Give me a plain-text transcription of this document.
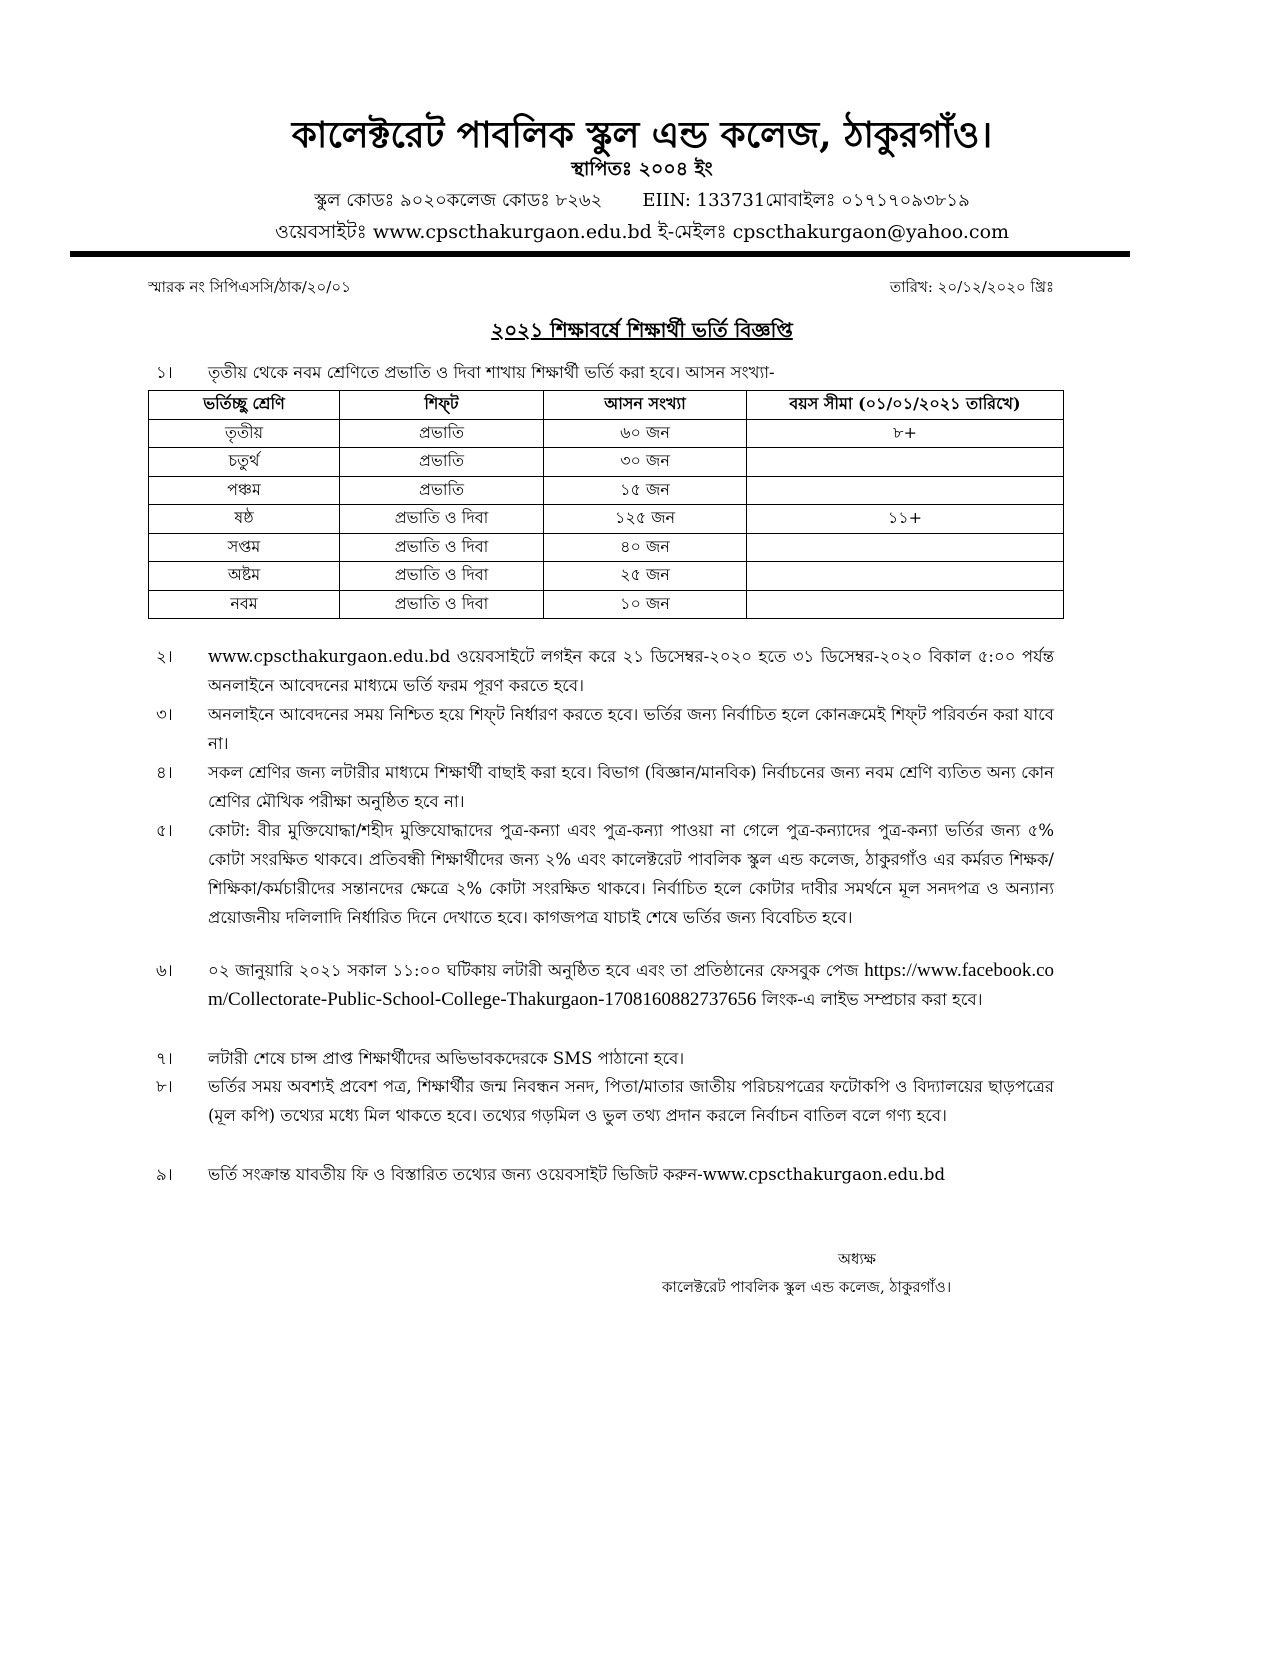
কালেক্টরেট পাবলিক স্কুল এন্ড কলেজ, ঠাকুরগাঁও।
স্থাপিতঃ ২০০৪ ইং
স্কুল কোডঃ ৯০২০কলেজ কোডঃ ৮২৬২       EIIN: 133731মোবাইলঃ ০১৭১৭০৯৩৮১৯
ওয়েবসাইটঃ www.cpscthakurgaon.edu.bd ই-মেইলঃ cpscthakurgaon@yahoo.com
স্মারক নং সিপিএসসি/ঠাক/২০/০১	তারিখ: ২০/১২/২০২০ খ্রিঃ
২০২১ শিক্ষাবর্ষে শিক্ষার্থী ভর্তি বিজ্ঞপ্তি
১। তৃতীয় থেকে নবম শ্রেণিতে প্রভাতি ও দিবা শাখায় শিক্ষার্থী ভর্তি করা হবে। আসন সংখ্যা-
ভর্তিচ্ছু শ্রেণি	শিফ্‌ট	আসন সংখ্যা	বয়স সীমা (০১/০১/২০২১ তারিখে)
তৃতীয়	প্রভাতি	৬০ জন	৮+
চতুর্থ	প্রভাতি	৩০ জন	
পঞ্চম	প্রভাতি	১৫ জন	
ষষ্ঠ	প্রভাতি ও দিবা	১২৫ জন	১১+
সপ্তম	প্রভাতি ও দিবা	৪০ জন	
অষ্টম	প্রভাতি ও দিবা	২৫ জন	
নবম	প্রভাতি ও দিবা	১০ জন	
২। www.cpscthakurgaon.edu.bd ওয়েবসাইটে লগইন করে ২১ ডিসেম্বর-২০২০ হতে ৩১ ডিসেম্বর-২০২০ বিকাল ৫:০০ পর্যন্ত অনলাইনে আবেদনের মাধ্যমে ভর্তি ফরম পূরণ করতে হবে।
৩। অনলাইনে আবেদনের সময় নিশ্চিত হয়ে শিফ্‌ট নির্ধারণ করতে হবে। ভর্তির জন্য নির্বাচিত হলে কোনক্রমেই শিফ্‌ট পরিবর্তন করা যাবে না।
৪। সকল শ্রেণির জন্য লটারীর মাধ্যমে শিক্ষার্থী বাছাই করা হবে। বিভাগ (বিজ্ঞান/মানবিক) নির্বাচনের জন্য নবম শ্রেণি ব্যতিত অন্য কোন শ্রেণির মৌখিক পরীক্ষা অনুষ্ঠিত হবে না।
৫। কোটা: বীর মুক্তিযোদ্ধা/শহীদ মুক্তিযোদ্ধাদের পুত্র-কন্যা এবং পুত্র-কন্যা পাওয়া না গেলে পুত্র-কন্যাদের পুত্র-কন্যা ভর্তির জন্য ৫% কোটা সংরক্ষিত থাকবে। প্রতিবন্ধী শিক্ষার্থীদের জন্য ২% এবং কালেক্টরেট পাবলিক স্কুল এন্ড কলেজ, ঠাকুরগাঁও এর কর্মরত শিক্ষক/শিক্ষিকা/কর্মচারীদের সন্তানদের ক্ষেত্রে ২% কোটা সংরক্ষিত থাকবে। নির্বাচিত হলে কোটার দাবীর সমর্থনে মূল সনদপত্র ও অন্যান্য প্রয়োজনীয় দলিলাদি নির্ধারিত দিনে দেখাতে হবে। কাগজপত্র যাচাই শেষে ভর্তির জন্য বিবেচিত হবে।
৬। ০২ জানুয়ারি ২০২১ সকাল ১১:০০ ঘটিকায় লটারী অনুষ্ঠিত হবে এবং তা প্রতিষ্ঠানের ফেসবুক পেজ https://www.facebook.com/Collectorate-Public-School-College-Thakurgaon-1708160882737656 লিংক-এ লাইভ সম্প্রচার করা হবে।
৭। লটারী শেষে চান্স প্রাপ্ত শিক্ষার্থীদের অভিভাবকদেরকে SMS পাঠানো হবে।
৮। ভর্তির সময় অবশ্যই প্রবেশ পত্র, শিক্ষার্থীর জন্ম নিবন্ধন সনদ, পিতা/মাতার জাতীয় পরিচয়পত্রের ফটোকপি ও বিদ্যালয়ের ছাড়পত্রের (মূল কপি) তথ্যের মধ্যে মিল থাকতে হবে। তথ্যের গড়মিল ও ভুল তথ্য প্রদান করলে নির্বাচন বাতিল বলে গণ্য হবে।
৯। ভর্তি সংক্রান্ত যাবতীয় ফি ও বিস্তারিত তথ্যের জন্য ওয়েবসাইট ভিজিট করুন-www.cpscthakurgaon.edu.bd
অধ্যক্ষ
কালেক্টরেট পাবলিক স্কুল এন্ড কলেজ, ঠাকুরগাঁও।
